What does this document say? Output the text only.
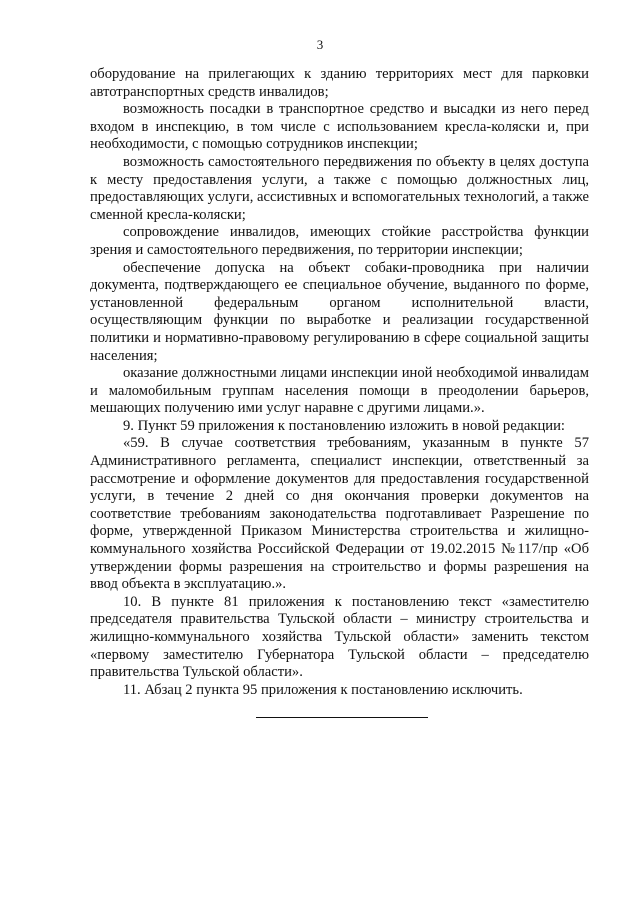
3

оборудование на прилегающих к зданию территориях мест для парковки автотранспортных средств инвалидов;

возможность посадки в транспортное средство и высадки из него перед входом в инспекцию, в том числе с использованием кресла-коляски и, при необходимости, с помощью сотрудников инспекции;

возможность самостоятельного передвижения по объекту в целях доступа к месту предоставления услуги, а также с помощью должностных лиц, предоставляющих услуги, ассистивных и вспомогательных технологий, а также сменной кресла-коляски;

сопровождение инвалидов, имеющих стойкие расстройства функции зрения и самостоятельного передвижения, по территории инспекции;

обеспечение допуска на объект собаки-проводника при наличии документа, подтверждающего ее специальное обучение, выданного по форме, установленной федеральным органом исполнительной власти, осуществляющим функции по выработке и реализации государственной политики и нормативно-правовому регулированию в сфере социальной защиты населения;

оказание должностными лицами инспекции иной необходимой инвалидам и маломобильным группам населения помощи в преодолении барьеров, мешающих получению ими услуг наравне с другими лицами.».

9. Пункт 59 приложения к постановлению изложить в новой редакции:

«59. В случае соответствия требованиям, указанным в пункте 57 Административного регламента, специалист инспекции, ответственный за рассмотрение и оформление документов для предоставления государственной услуги, в течение 2 дней со дня окончания проверки документов на соответствие требованиям законодательства подготавливает Разрешение по форме, утвержденной Приказом Министерства строительства и жилищно-коммунального хозяйства Российской Федерации от 19.02.2015 №117/пр «Об утверждении формы разрешения на строительство и формы разрешения на ввод объекта в эксплуатацию.».

10. В пункте 81 приложения к постановлению текст «заместителю председателя правительства Тульской области – министру строительства и жилищно-коммунального хозяйства Тульской области» заменить текстом «первому заместителю Губернатора Тульской области – председателю правительства Тульской области».

11. Абзац 2 пункта 95 приложения к постановлению исключить.
